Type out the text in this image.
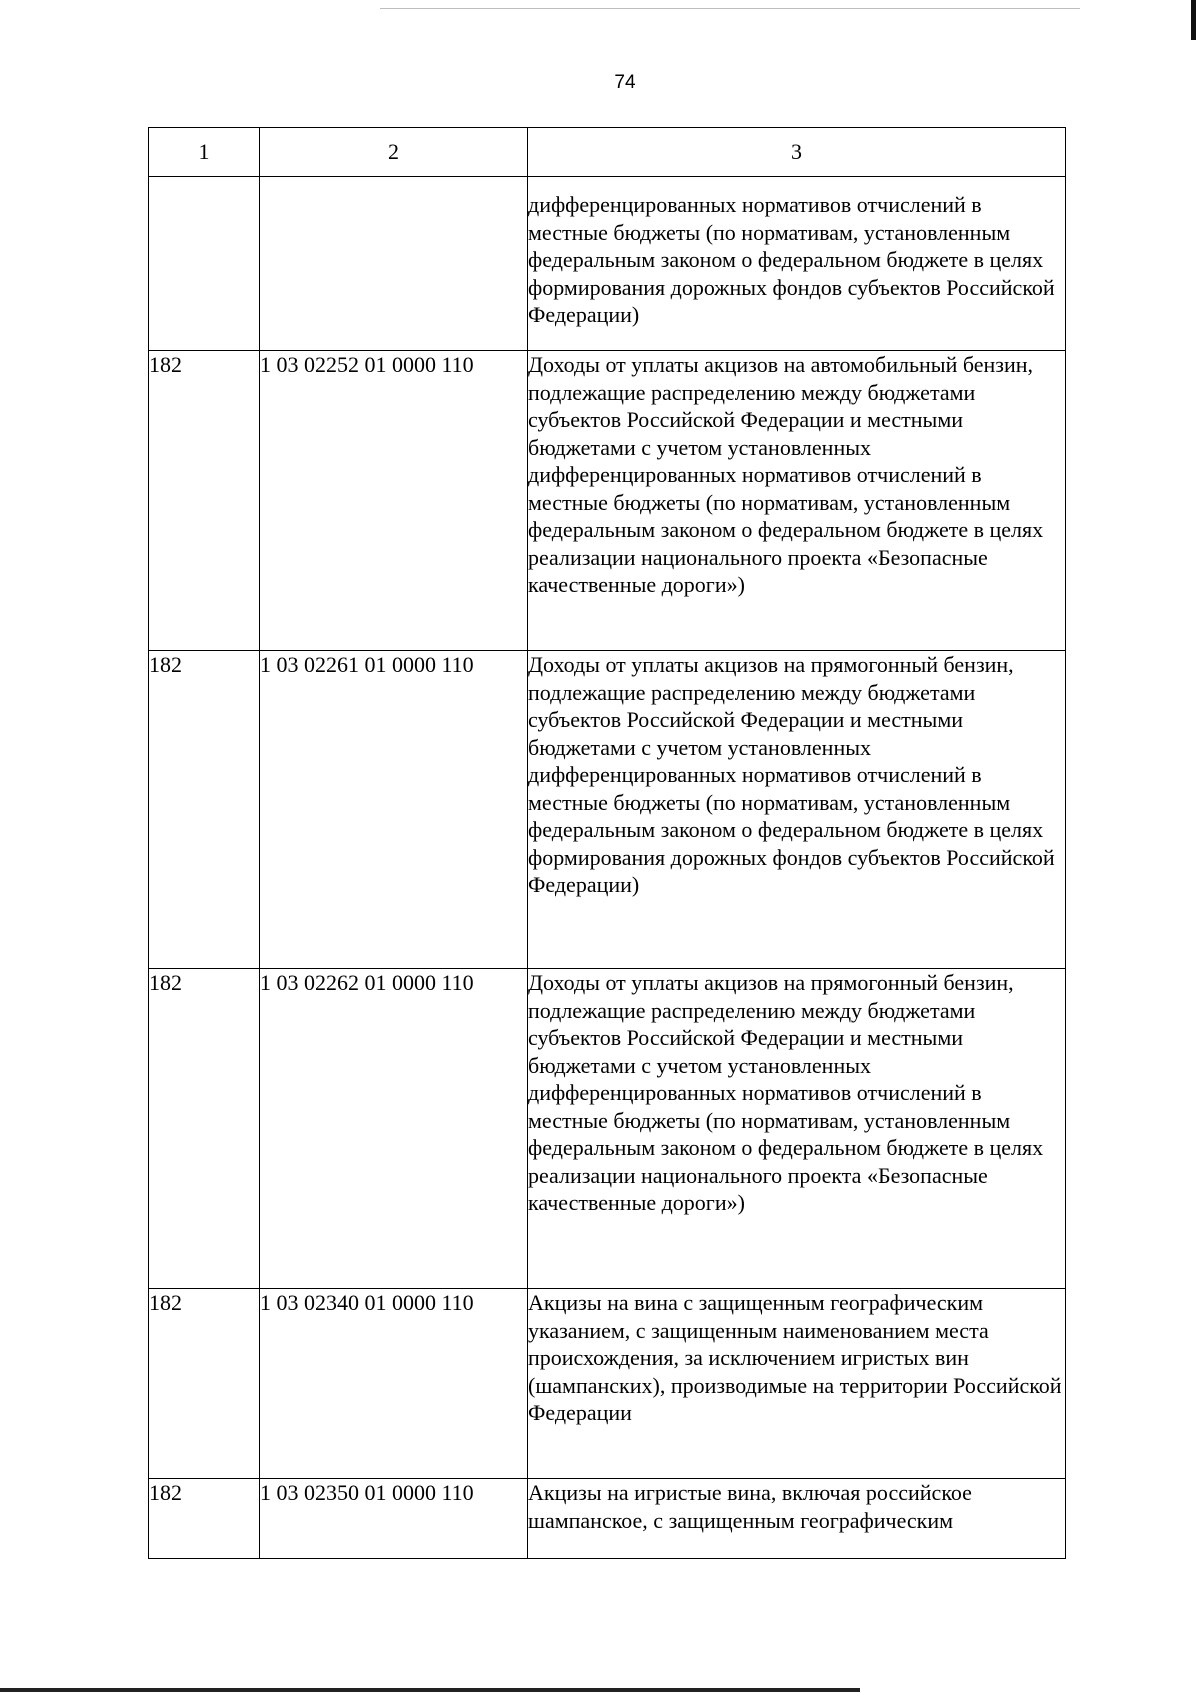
74
1	2	3
		дифференцированных нормативов отчислений в местные бюджеты (по нормативам, установленным федеральным законом о федеральном бюджете в целях формирования дорожных фондов субъектов Российской Федерации)
182	1 03 02252 01 0000 110	Доходы от уплаты акцизов на автомобильный бензин, подлежащие распределению между бюджетами субъектов Российской Федерации и местными бюджетами с учетом установленных дифференцированных нормативов отчислений в местные бюджеты (по нормативам, установленным федеральным законом о федеральном бюджете в целях реализации национального проекта «Безопасные качественные дороги»)
182	1 03 02261 01 0000 110	Доходы от уплаты акцизов на прямогонный бензин, подлежащие распределению между бюджетами субъектов Российской Федерации и местными бюджетами с учетом установленных дифференцированных нормативов отчислений в местные бюджеты (по нормативам, установленным федеральным законом о федеральном бюджете в целях формирования дорожных фондов субъектов Российской Федерации)
182	1 03 02262 01 0000 110	Доходы от уплаты акцизов на прямогонный бензин, подлежащие распределению между бюджетами субъектов Российской Федерации и местными бюджетами с учетом установленных дифференцированных нормативов отчислений в местные бюджеты (по нормативам, установленным федеральным законом о федеральном бюджете в целях реализации национального проекта «Безопасные качественные дороги»)
182	1 03 02340 01 0000 110	Акцизы на вина с защищенным географическим указанием, с защищенным наименованием места происхождения, за исключением игристых вин (шампанских), производимые на территории Российской Федерации
182	1 03 02350 01 0000 110	Акцизы на игристые вина, включая российское шампанское, с защищенным географическим
